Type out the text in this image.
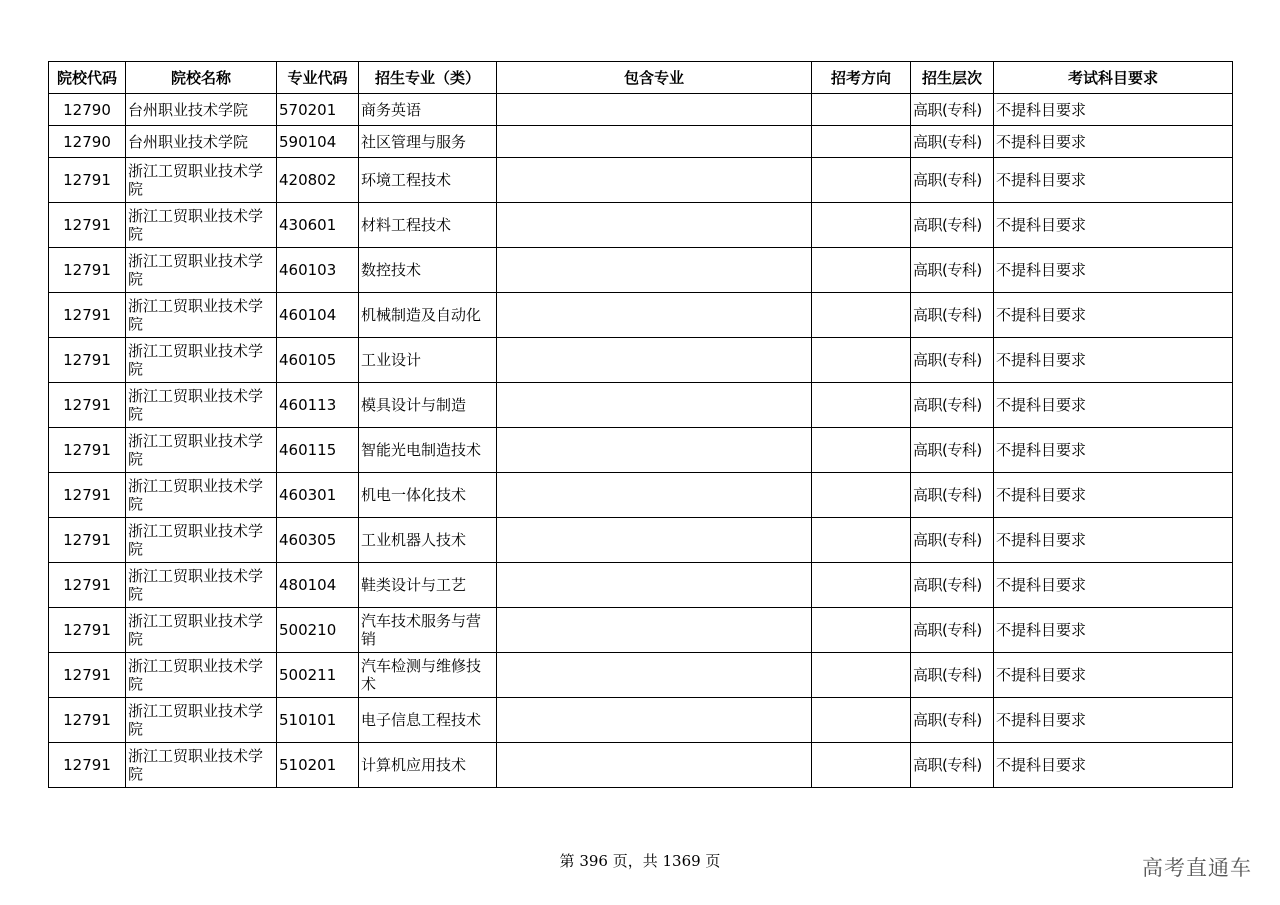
院校代码	院校名称	专业代码	招生专业（类）	包含专业	招考方向	招生层次	考试科目要求
12790	台州职业技术学院	570201	商务英语			高职(专科)	不提科目要求
12790	台州职业技术学院	590104	社区管理与服务			高职(专科)	不提科目要求
12791	浙江工贸职业技术学院	420802	环境工程技术			高职(专科)	不提科目要求
12791	浙江工贸职业技术学院	430601	材料工程技术			高职(专科)	不提科目要求
12791	浙江工贸职业技术学院	460103	数控技术			高职(专科)	不提科目要求
12791	浙江工贸职业技术学院	460104	机械制造及自动化			高职(专科)	不提科目要求
12791	浙江工贸职业技术学院	460105	工业设计			高职(专科)	不提科目要求
12791	浙江工贸职业技术学院	460113	模具设计与制造			高职(专科)	不提科目要求
12791	浙江工贸职业技术学院	460115	智能光电制造技术			高职(专科)	不提科目要求
12791	浙江工贸职业技术学院	460301	机电一体化技术			高职(专科)	不提科目要求
12791	浙江工贸职业技术学院	460305	工业机器人技术			高职(专科)	不提科目要求
12791	浙江工贸职业技术学院	480104	鞋类设计与工艺			高职(专科)	不提科目要求
12791	浙江工贸职业技术学院	500210	汽车技术服务与营销			高职(专科)	不提科目要求
12791	浙江工贸职业技术学院	500211	汽车检测与维修技术			高职(专科)	不提科目要求
12791	浙江工贸职业技术学院	510101	电子信息工程技术			高职(专科)	不提科目要求
12791	浙江工贸职业技术学院	510201	计算机应用技术			高职(专科)	不提科目要求
第 396 页，共 1369 页	高考直通车
